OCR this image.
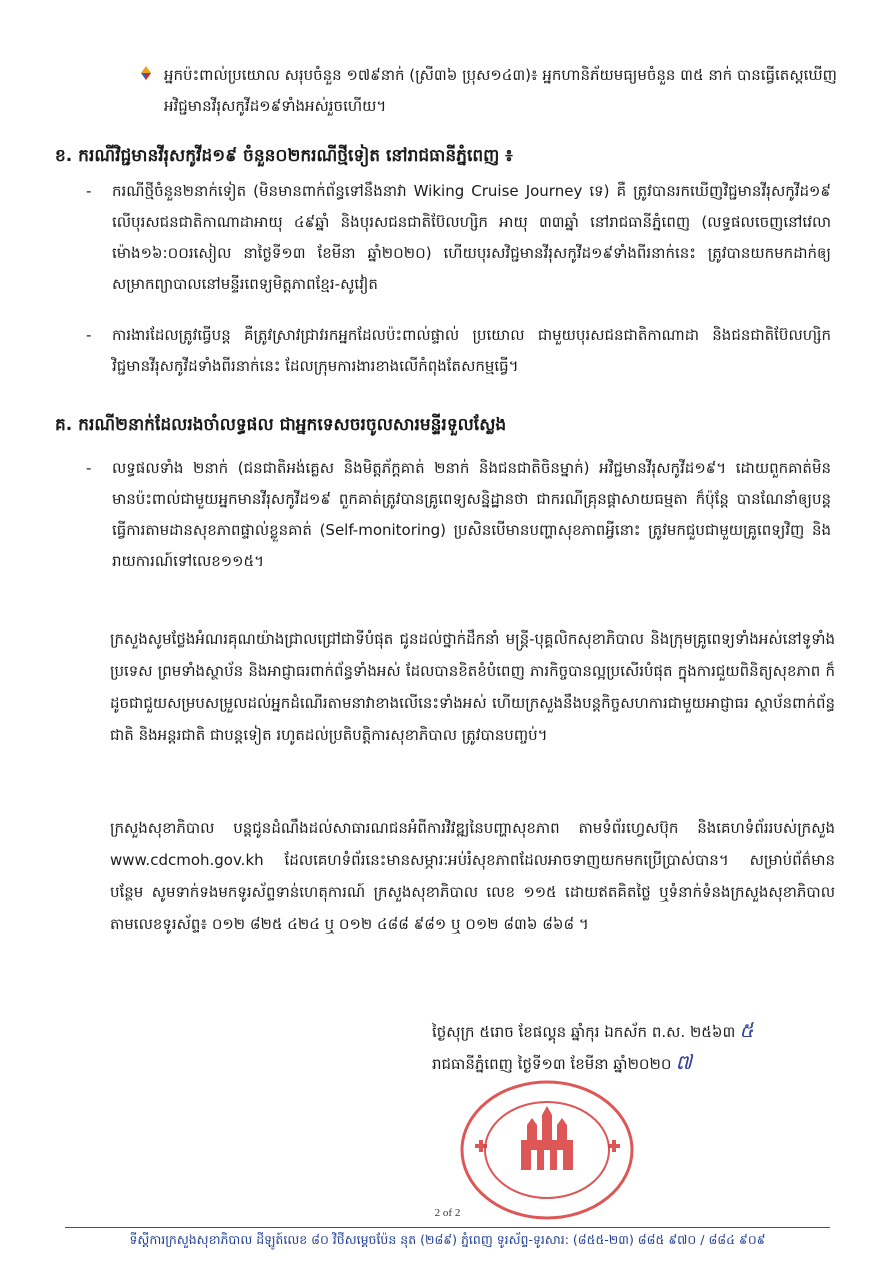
អ្នកប៉ះពាល់ប្រយោល សរុបចំនួន ១៧៩នាក់ (ស្រី៣៦ ប្រុស១៤៣)៖ អ្នកហានិភ័យមធ្យមចំនួន ៣៥ នាក់ បានធ្វើតេស្តឃើញអវិជ្ជមានវីរុសកូវីដ១៩ទាំងអស់រួចហើយ។
ខ. ករណីវិជ្ជមានវីរុសកូវីដ១៩ ចំនួន០២ករណីថ្មីទៀត នៅរាជធានីភ្នំពេញ ៖
- ករណីថ្មីចំនួន២នាក់ទៀត (មិនមានពាក់ព័ន្ធទៅនឹងនាវា Wiking Cruise Journey ទេ) គឺ ត្រូវបានរកឃើញវិជ្ជមានវីរុសកូវីដ១៩ លើបុរសជនជាតិកាណាដាអាយុ ៤៩ឆ្នាំ និងបុរសជនជាតិប៊ែលហ្សិក អាយុ ៣៣ឆ្នាំ នៅរាជធានីភ្នំពេញ (លទ្ធផលចេញនៅវេលាម៉ោង១៦:០០រសៀល នាថ្ងៃទី១៣ ខែមីនា ឆ្នាំ២០២០) ហើយបុរសវិជ្ជមានវីរុសកូវីដ១៩ទាំងពីរនាក់នេះ ត្រូវបានយកមកដាក់ឲ្យសម្រាកព្យាបាលនៅមន្ទីរពេទ្យមិត្តភាពខ្មែរ-សូវៀត
- ការងារដែលត្រូវធ្វើបន្ត គឺត្រូវស្រាវជ្រាវរកអ្នកដែលប៉ះពាល់ផ្ទាល់ ប្រយោល ជាមួយបុរសជនជាតិកាណាដា និងជនជាតិប៊ែលហ្សិក វិជ្ជមានវីរុសកូវីដទាំងពីរនាក់នេះ ដែលក្រុមការងារខាងលើកំពុងតែសកម្មធ្វើ។
គ. ករណី២នាក់ដែលរងចាំលទ្ធផល ជាអ្នកទេសចរចូលសារមន្ទីរទួលស្លែង
- លទ្ធផលទាំង ២នាក់ (ជនជាតិអង់គ្លេស និងមិត្តភ័ក្តគាត់ ២នាក់ និងជនជាតិចិនម្នាក់) អវិជ្ជមានវីរុសកូវីដ១៩។ ដោយពួកគាត់មិនមានប៉ះពាល់ជាមួយអ្នកមានវីរុសកូវីដ១៩ ពួកគាត់ត្រូវបានគ្រូពេទ្យសន្និដ្ឋានថា ជាករណីគ្រុនផ្តាសាយធម្មតា ក៏ប៉ុន្តែ បានណែនាំឲ្យបន្តធ្វើការតាមដានសុខភាពផ្ទាល់ខ្លួនគាត់ (Self-monitoring) ប្រសិនបើមានបញ្ហាសុខភាពអ្វីនោះ ត្រូវមកជួបជាមួយគ្រូពេទ្យវិញ និងរាយការណ៍ទៅលេខ១១៥។
ក្រសួងសូមថ្លែងអំណរគុណយ៉ាងជ្រាលជ្រៅជាទីបំផុត ជូនដល់ថ្នាក់ដឹកនាំ មន្ត្រី-បុគ្គលិកសុខាភិបាល និងក្រុមគ្រូពេទ្យទាំងអស់នៅទូទាំងប្រទេស ព្រមទាំងស្ថាប័ន និងអាជ្ញាធរពាក់ព័ន្ធទាំងអស់ ដែលបានខិតខំបំពេញ ភារកិច្ចបានល្អប្រសើរបំផុត ក្នុងការជួយពិនិត្យសុខភាព ក៏ដូចជាជួយសម្របសម្រួលដល់អ្នកដំណើរតាមនាវាខាងលើនេះទាំងអស់ ហើយក្រសួងនឹងបន្តកិច្ចសហការជាមួយអាជ្ញាធរ ស្ថាប័នពាក់ព័ន្ធជាតិ និងអន្តរជាតិ ជាបន្តទៀត រហូតដល់ប្រតិបត្តិការសុខាភិបាល ត្រូវបានបញ្ចប់។
ក្រសួងសុខាភិបាល បន្តជូនដំណឹងដល់សាធារណជនអំពីការវិវឌ្ឍនៃបញ្ហាសុខភាព តាមទំព័រហ្វេសប៊ុក និងគេហទំព័ររបស់ក្រសួង www.cdcmoh.gov.kh ដែលគេហទំព័រនេះមានសម្ភារៈអប់រំសុខភាពដែលអាចទាញយកមកប្រើប្រាស់បាន។ សម្រាប់ព័ត៌មានបន្ថែម សូមទាក់ទងមកទូរស័ព្ទទាន់ហេតុការណ៍ ក្រសួងសុខាភិបាល លេខ ១១៥ ដោយឥតគិតថ្លៃ ឬទំនាក់ទំនងក្រសួងសុខាភិបាល តាមលេខទូរស័ព្ទ៖ ០១២ ៨២៥ ៤២៤ ឬ ០១២ ៤៨៨ ៩៨១ ឬ ០១២ ៨៣៦ ៨៦៨ ។
ថ្ងៃសុក្រ ៥រោច ខែផល្គុន ឆ្នាំកុរ ឯកស័ក ព.ស. ២៥៦៣ ៥
រាជធានីភ្នំពេញ ថ្ងៃទី១៣ ខែមីនា ឆ្នាំ២០២០ ៧
2 of 2
ទីស្តីការក្រសួងសុខាភិបាល ដីឡូត៍លេខ ៨០ វិថីសម្ដេចប៉ែន នុត (២៨៩) ភ្នំពេញ ទូរស័ព្ទ-ទូរសារ: (៨៥៥-២៣) ៨៨៥ ៩៧០ / ៨៨៤ ៩០៩
